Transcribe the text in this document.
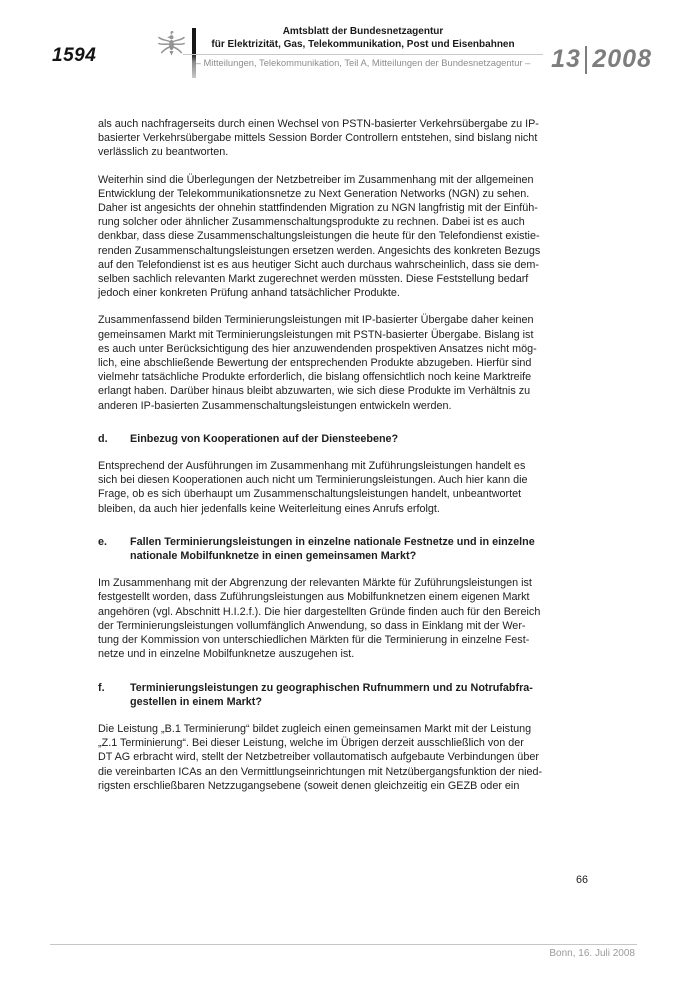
1594
Amtsblatt der Bundesnetzagentur
für Elektrizität, Gas, Telekommunikation, Post und Eisenbahnen
– Mitteilungen, Telekommunikation, Teil A, Mitteilungen der Bundesnetzagentur – 13 2008
als auch nachfragerseits durch einen Wechsel von PSTN-basierter Verkehrsübergabe zu IP-
basierter Verkehrsübergabe mittels Session Border Controllern entstehen, sind bislang nicht
verlässlich zu beantworten.
Weiterhin sind die Überlegungen der Netzbetreiber im Zusammenhang mit der allgemeinen
Entwicklung der Telekommunikationsnetze zu Next Generation Networks (NGN) zu sehen.
Daher ist angesichts der ohnehin stattfindenden Migration zu NGN langfristig mit der Einfüh-
rung solcher oder ähnlicher Zusammenschaltungsprodukte zu rechnen. Dabei ist es auch
denkbar, dass diese Zusammenschaltungsleistungen die heute für den Telefondienst existie-
renden Zusammenschaltungsleistungen ersetzen werden. Angesichts des konkreten Bezugs
auf den Telefondienst ist es aus heutiger Sicht auch durchaus wahrscheinlich, dass sie dem-
selben sachlich relevanten Markt zugerechnet werden müssten. Diese Feststellung bedarf
jedoch einer konkreten Prüfung anhand tatsächlicher Produkte.
Zusammenfassend bilden Terminierungsleistungen mit IP-basierter Übergabe daher keinen
gemeinsamen Markt mit Terminierungsleistungen mit PSTN-basierter Übergabe. Bislang ist
es auch unter Berücksichtigung des hier anzuwendenden prospektiven Ansatzes nicht mög-
lich, eine abschließende Bewertung der entsprechenden Produkte abzugeben. Hierfür sind
vielmehr tatsächliche Produkte erforderlich, die bislang offensichtlich noch keine Marktreife
erlangt haben. Darüber hinaus bleibt abzuwarten, wie sich diese Produkte im Verhältnis zu
anderen IP-basierten Zusammenschaltungsleistungen entwickeln werden.
d.	Einbezug von Kooperationen auf der Diensteebene?
Entsprechend der Ausführungen im Zusammenhang mit Zuführungsleistungen handelt es
sich bei diesen Kooperationen auch nicht um Terminierungsleistungen. Auch hier kann die
Frage, ob es sich überhaupt um Zusammenschaltungsleistungen handelt, unbeantwortet
bleiben, da auch hier jedenfalls keine Weiterleitung eines Anrufs erfolgt.
e.	Fallen Terminierungsleistungen in einzelne nationale Festnetze und in einzelne
nationale Mobilfunknetze in einen gemeinsamen Markt?
Im Zusammenhang mit der Abgrenzung der relevanten Märkte für Zuführungsleistungen ist
festgestellt worden, dass Zuführungsleistungen aus Mobilfunknetzen einem eigenen Markt
angehören (vgl. Abschnitt H.I.2.f.). Die hier dargestellten Gründe finden auch für den Bereich
der Terminierungsleistungen vollumfänglich Anwendung, so dass in Einklang mit der Wer-
tung der Kommission von unterschiedlichen Märkten für die Terminierung in einzelne Fest-
netze und in einzelne Mobilfunknetze auszugehen ist.
f.	Terminierungsleistungen zu geographischen Rufnummern und zu Notrufabfra-
gestellen in einem Markt?
Die Leistung „B.1 Terminierung“ bildet zugleich einen gemeinsamen Markt mit der Leistung
„Z.1 Terminierung“. Bei dieser Leistung, welche im Übrigen derzeit ausschließlich von der
DT AG erbracht wird, stellt der Netzbetreiber vollautomatisch aufgebaute Verbindungen über
die vereinbarten ICAs an den Vermittlungseinrichtungen mit Netzübergangsfunktion der nied-
rigsten erschließbaren Netzzugangsebene (soweit denen gleichzeitig ein GEZB oder ein
66
Bonn, 16. Juli 2008
